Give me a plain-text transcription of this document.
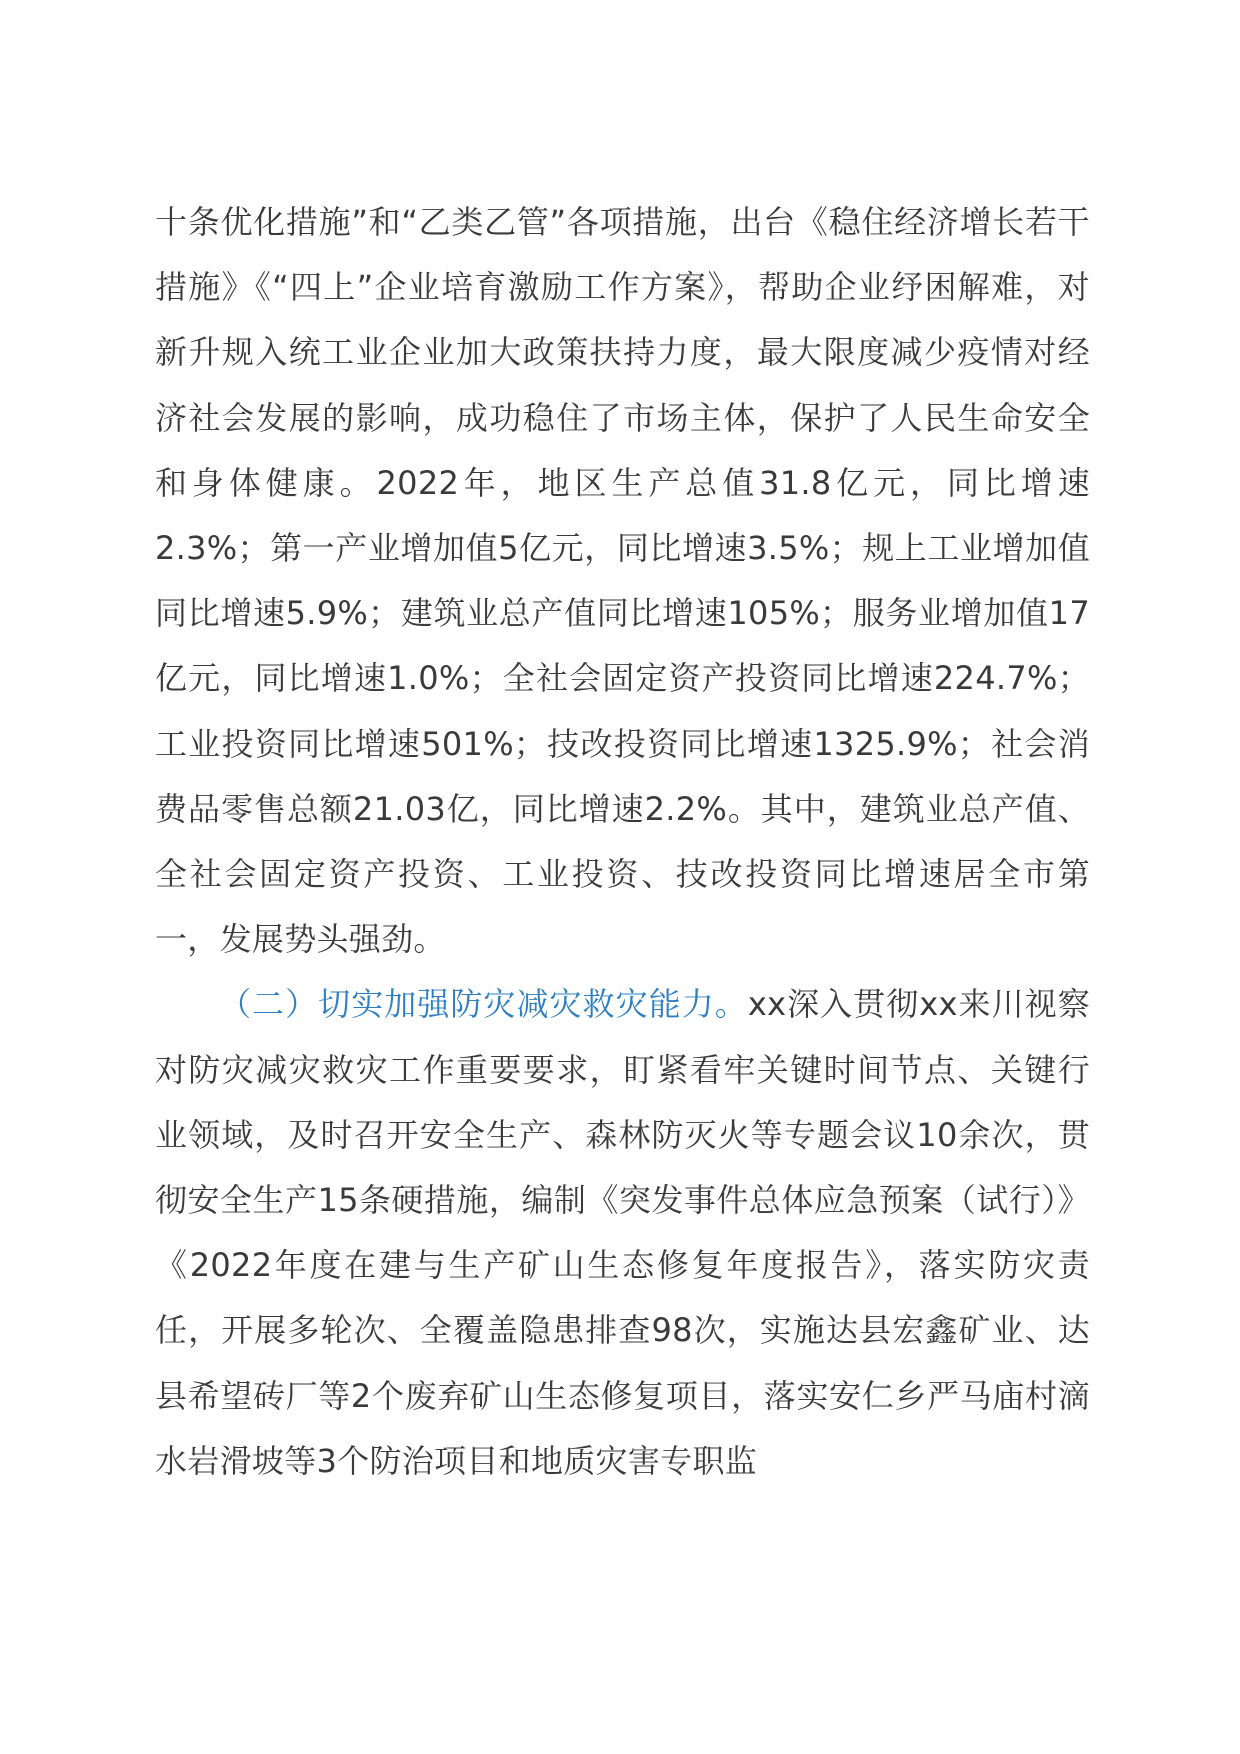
十条优化措施”和“乙类乙管”各项措施，出台《稳住经济增长若干措施》《“四上”企业培育激励工作方案》，帮助企业纾困解难，对新升规入统工业企业加大政策扶持力度，最大限度减少疫情对经济社会发展的影响，成功稳住了市场主体，保护了人民生命安全和身体健康。2022年，地区生产总值31.8亿元，同比增速2.3%；第一产业增加值5亿元，同比增速3.5%；规上工业增加值同比增速5.9%；建筑业总产值同比增速105%；服务业增加值17亿元，同比增速1.0%；全社会固定资产投资同比增速224.7%；工业投资同比增速501%；技改投资同比增速1325.9%；社会消费品零售总额21.03亿，同比增速2.2%。其中，建筑业总产值、全社会固定资产投资、工业投资、技改投资同比增速居全市第一，发展势头强劲。

（二）切实加强防灾减灾救灾能力。xx深入贯彻xx来川视察对防灾减灾救灾工作重要要求，盯紧看牢关键时间节点、关键行业领域，及时召开安全生产、森林防灭火等专题会议10余次，贯彻安全生产15条硬措施，编制《突发事件总体应急预案（试行）》《2022年度在建与生产矿山生态修复年度报告》，落实防灾责任，开展多轮次、全覆盖隐患排查98次，实施达县宏鑫矿业、达县希望砖厂等2个废弃矿山生态修复项目，落实安仁乡严马庙村滴水岩滑坡等3个防治项目和地质灾害专职监
